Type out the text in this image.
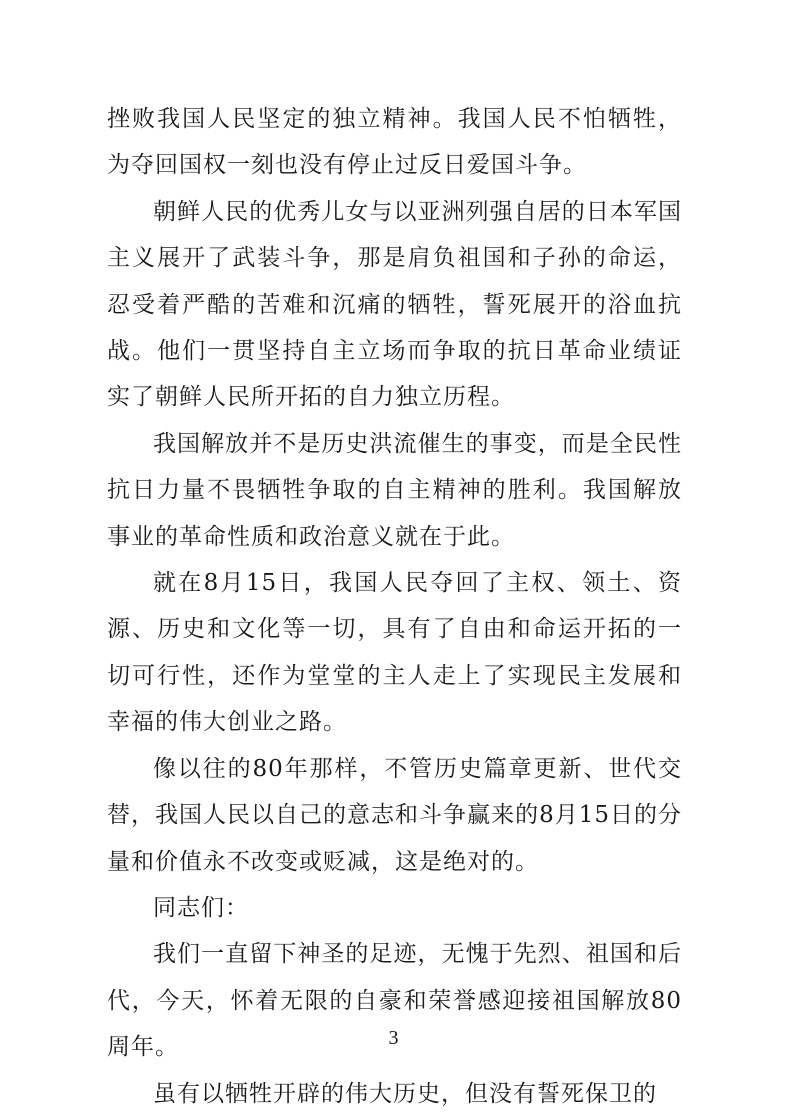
挫败我国人民坚定的独立精神。我国人民不怕牺牲，为夺回国权一刻也没有停止过反日爱国斗争。

朝鲜人民的优秀儿女与以亚洲列强自居的日本军国主义展开了武装斗争，那是肩负祖国和子孙的命运，忍受着严酷的苦难和沉痛的牺牲，誓死展开的浴血抗战。他们一贯坚持自主立场而争取的抗日革命业绩证实了朝鲜人民所开拓的自力独立历程。

我国解放并不是历史洪流催生的事变，而是全民性抗日力量不畏牺牲争取的自主精神的胜利。我国解放事业的革命性质和政治意义就在于此。

就在8月15日，我国人民夺回了主权、领土、资源、历史和文化等一切，具有了自由和命运开拓的一切可行性，还作为堂堂的主人走上了实现民主发展和幸福的伟大创业之路。

像以往的80年那样，不管历史篇章更新、世代交替，我国人民以自己的意志和斗争赢来的8月15日的分量和价值永不改变或贬减，这是绝对的。

同志们：

我们一直留下神圣的足迹，无愧于先烈、祖国和后代，今天，怀着无限的自豪和荣誉感迎接祖国解放80周年。

虽有以牺牲开辟的伟大历史，但没有誓死保卫的

3
